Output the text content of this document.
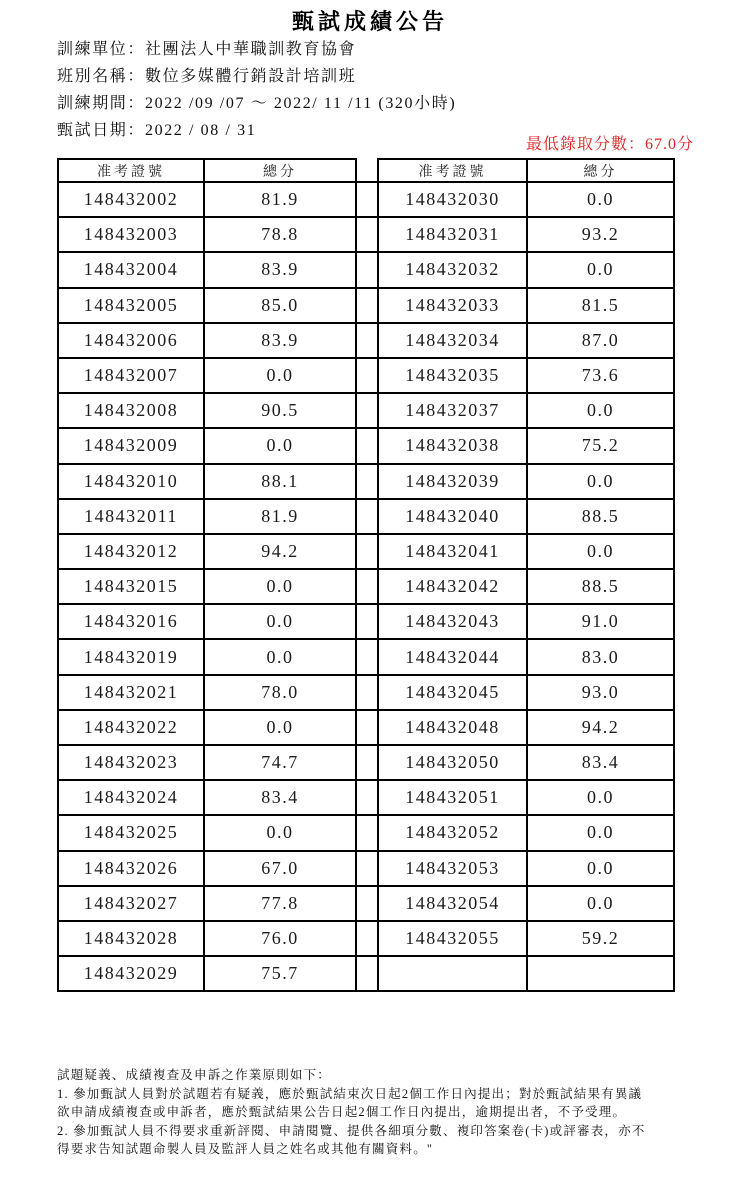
甄試成績公告
訓練單位：社團法人中華職訓教育協會
班別名稱：數位多媒體行銷設計培訓班
訓練期間：2022 /09 /07 ～ 2022/ 11 /11 (320小時)
甄試日期：2022 / 08 / 31
最低錄取分數：67.0分
准考證號	總分	准考證號	總分
148432002	81.9	148432030	0.0
148432003	78.8	148432031	93.2
148432004	83.9	148432032	0.0
148432005	85.0	148432033	81.5
148432006	83.9	148432034	87.0
148432007	0.0	148432035	73.6
148432008	90.5	148432037	0.0
148432009	0.0	148432038	75.2
148432010	88.1	148432039	0.0
148432011	81.9	148432040	88.5
148432012	94.2	148432041	0.0
148432015	0.0	148432042	88.5
148432016	0.0	148432043	91.0
148432019	0.0	148432044	83.0
148432021	78.0	148432045	93.0
148432022	0.0	148432048	94.2
148432023	74.7	148432050	83.4
148432024	83.4	148432051	0.0
148432025	0.0	148432052	0.0
148432026	67.0	148432053	0.0
148432027	77.8	148432054	0.0
148432028	76.0	148432055	59.2
148432029	75.7
試題疑義、成績複查及申訴之作業原則如下：
1. 參加甄試人員對於試題若有疑義，應於甄試結束次日起2個工作日內提出；對於甄試結果有異議
欲申請成績複查或申訴者，應於甄試結果公告日起2個工作日內提出，逾期提出者，不予受理。
2. 參加甄試人員不得要求重新評閱、申請閱覽、提供各細項分數、複印答案卷(卡)或評審表，亦不
得要求告知試題命製人員及監評人員之姓名或其他有關資料。"
